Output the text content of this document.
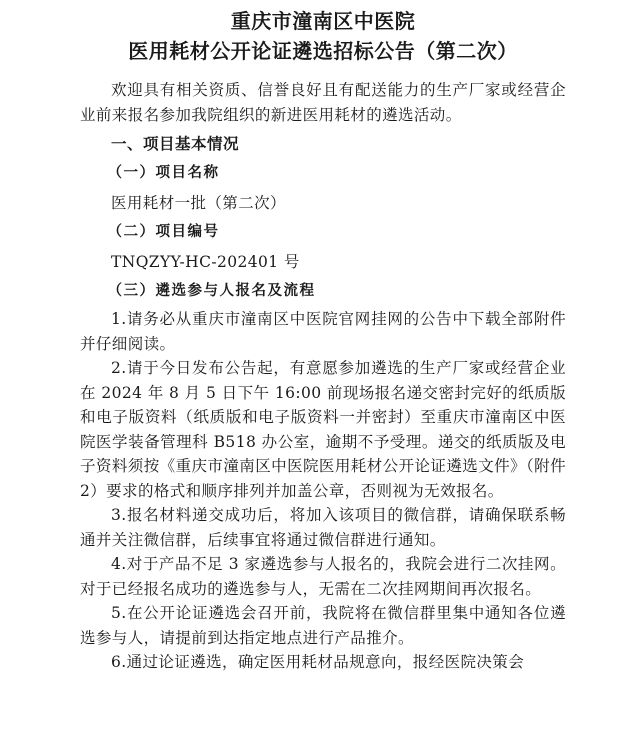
重庆市潼南区中医院
医用耗材公开论证遴选招标公告（第二次）

欢迎具有相关资质、信誉良好且有配送能力的生产厂家或经营企业前来报名参加我院组织的新进医用耗材的遴选活动。

一、项目基本情况
（一）项目名称

医用耗材一批（第二次）

（二）项目编号

TNQZYY-HC-202401 号

（三）遴选参与人报名及流程

1.请务必从重庆市潼南区中医院官网挂网的公告中下载全部附件并仔细阅读。

2.请于今日发布公告起，有意愿参加遴选的生产厂家或经营企业在 2024 年 8 月 5 日下午 16:00 前现场报名递交密封完好的纸质版和电子版资料（纸质版和电子版资料一并密封）至重庆市潼南区中医院医学装备管理科 B518 办公室，逾期不予受理。递交的纸质版及电子资料须按《重庆市潼南区中医院医用耗材公开论证遴选文件》（附件2）要求的格式和顺序排列并加盖公章，否则视为无效报名。

3.报名材料递交成功后，将加入该项目的微信群，请确保联系畅通并关注微信群，后续事宜将通过微信群进行通知。

4.对于产品不足 3 家遴选参与人报名的，我院会进行二次挂网。对于已经报名成功的遴选参与人，无需在二次挂网期间再次报名。

5.在公开论证遴选会召开前，我院将在微信群里集中通知各位遴选参与人，请提前到达指定地点进行产品推介。

6.通过论证遴选，确定医用耗材品规意向，报经医院决策会
